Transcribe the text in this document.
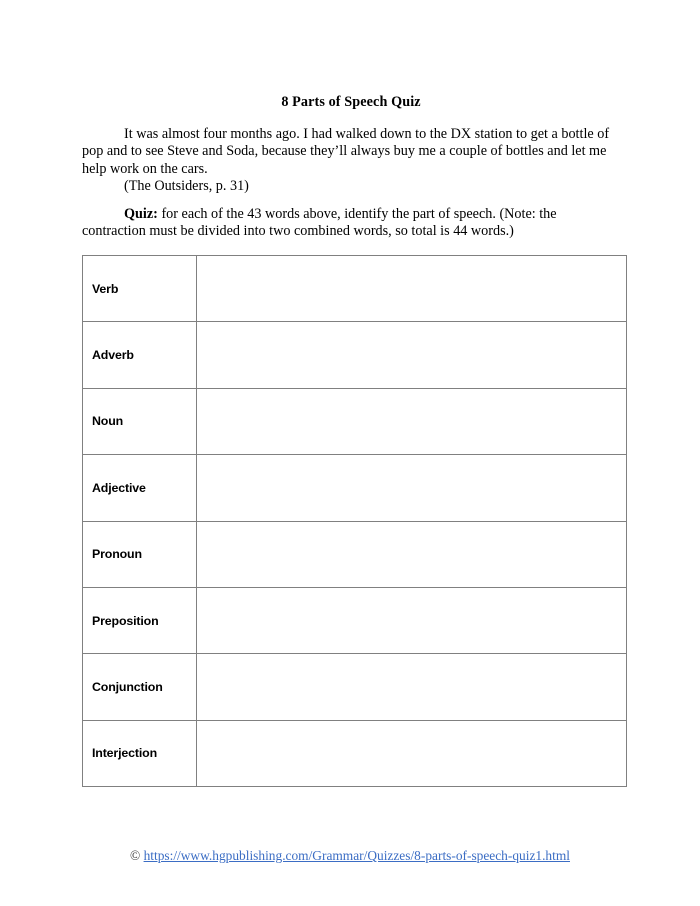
8 Parts of Speech Quiz
It was almost four months ago. I had walked down to the DX station to get a bottle of pop and to see Steve and Soda, because they’ll always buy me a couple of bottles and let me help work on the cars.
(The Outsiders, p. 31)
Quiz: for each of the 43 words above, identify the part of speech. (Note: the contraction must be divided into two combined words, so total is 44 words.)
Verb	
Adverb	
Noun	
Adjective	
Pronoun	
Preposition	
Conjunction	
Interjection	
© https://www.hgpublishing.com/Grammar/Quizzes/8-parts-of-speech-quiz1.html
